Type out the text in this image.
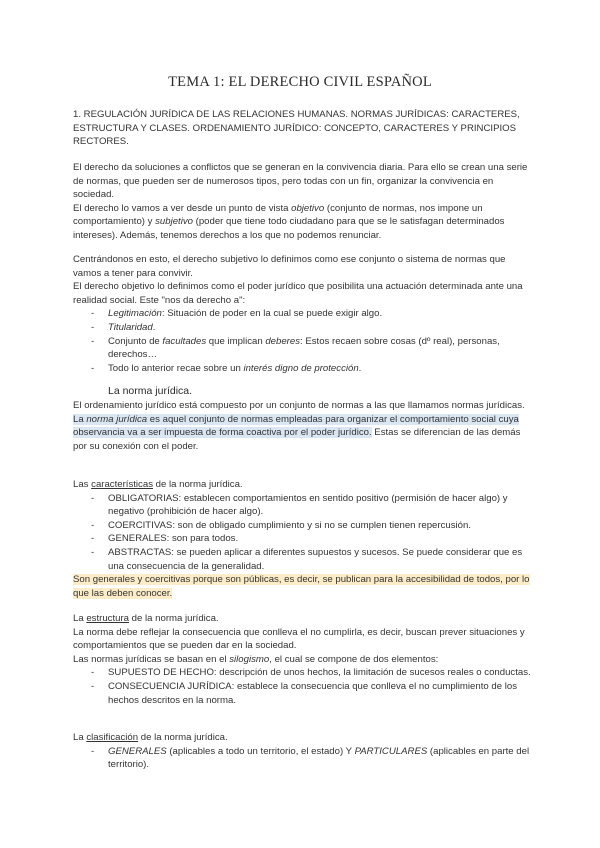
TEMA 1: EL DERECHO CIVIL ESPAÑOL

1. REGULACIÓN JURÍDICA DE LAS RELACIONES HUMANAS. NORMAS JURÍDICAS: CARACTERES, ESTRUCTURA Y CLASES. ORDENAMIENTO JURÍDICO: CONCEPTO, CARACTERES Y PRINCIPIOS RECTORES.

El derecho da soluciones a conflictos que se generan en la convivencia diaria. Para ello se crean una serie de normas, que pueden ser de numerosos tipos, pero todas con un fin, organizar la convivencia en sociedad.

El derecho lo vamos a ver desde un punto de vista objetivo (conjunto de normas, nos impone un comportamiento) y subjetivo (poder que tiene todo ciudadano para que se le satisfagan determinados intereses). Además, tenemos derechos a los que no podemos renunciar.

Centrándonos en esto, el derecho subjetivo lo definimos como ese conjunto o sistema de normas que vamos a tener para convivir.

El derecho objetivo lo definimos como el poder jurídico que posibilita una actuación determinada ante una realidad social. Este "nos da derecho a":

- Legitimación: Situación de poder en la cual se puede exigir algo.
- Titularidad.
- Conjunto de facultades que implican deberes: Estos recaen sobre cosas (dº real), personas, derechos…
- Todo lo anterior recae sobre un interés digno de protección.
La norma jurídica.

El ordenamiento jurídico está compuesto por un conjunto de normas a las que llamamos normas jurídicas.

La norma jurídica es aquel conjunto de normas empleadas para organizar el comportamiento social cuya observancia va a ser impuesta de forma coactiva por el poder jurídico. Estas se diferencian de las demás por su conexión con el poder.

Las características de la norma jurídica.

- OBLIGATORIAS: establecen comportamientos en sentido positivo (permisión de hacer algo) y negativo (prohibición de hacer algo).
- COERCITIVAS: son de obligado cumplimiento y si no se cumplen tienen repercusión.
- GENERALES: son para todos.
- ABSTRACTAS: se pueden aplicar a diferentes supuestos y sucesos. Se puede considerar que es una consecuencia de la generalidad.

Son generales y coercitivas porque son públicas, es decir, se publican para la accesibilidad de todos, por lo que las deben conocer.

La estructura de la norma jurídica.

La norma debe reflejar la consecuencia que conlleva el no cumplirla, es decir, buscan prever situaciones y comportamientos que se pueden dar en la sociedad.

Las normas jurídicas se basan en el silogismo, el cual se compone de dos elementos:

- SUPUESTO DE HECHO: descripción de unos hechos, la limitación de sucesos reales o conductas.
- CONSECUENCIA JURÍDICA: establece la consecuencia que conlleva el no cumplimiento de los hechos descritos en la norma.

La clasificación de la norma jurídica.

- GENERALES (aplicables a todo un territorio, el estado) Y PARTICULARES (aplicables en parte del territorio).
